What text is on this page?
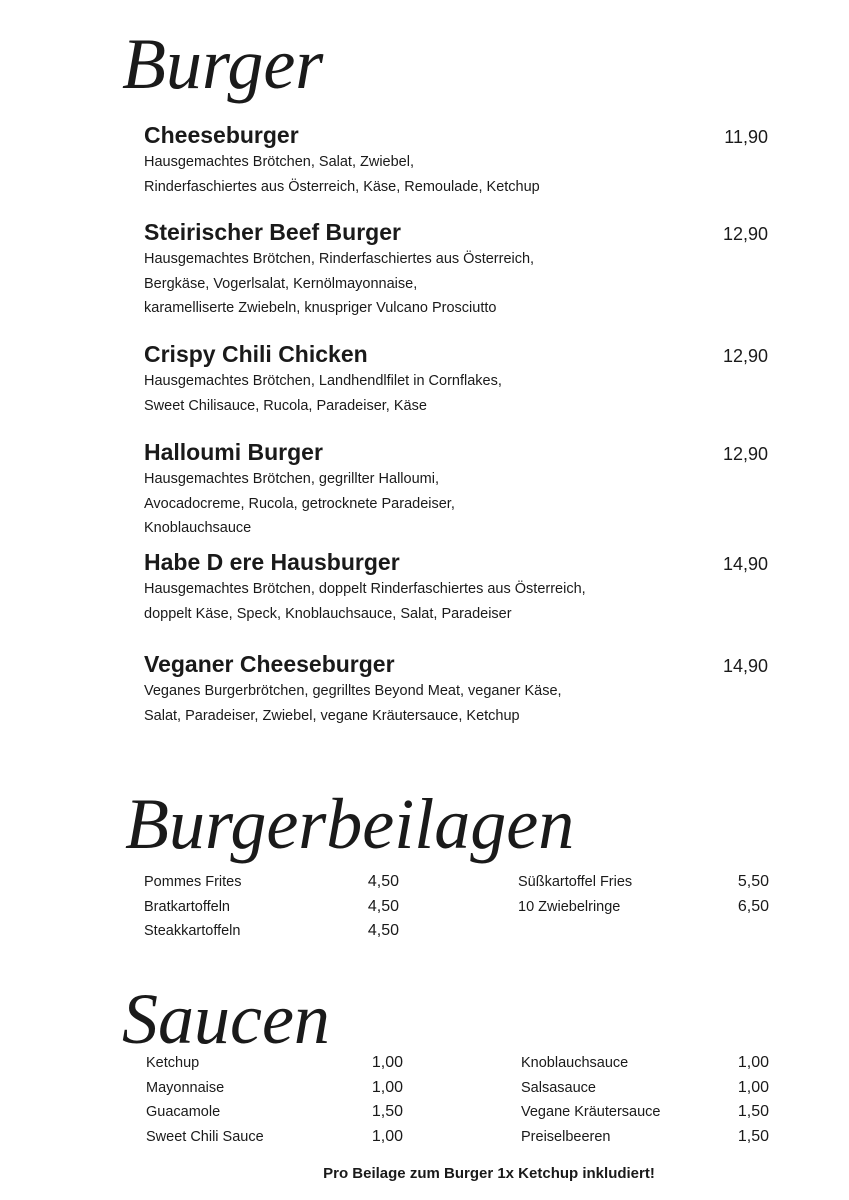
Burger
Cheeseburger	11,90
Hausgemachtes Brötchen, Salat, Zwiebel,
Rinderfaschiertes aus Österreich, Käse, Remoulade, Ketchup
Steirischer Beef Burger	12,90
Hausgemachtes Brötchen, Rinderfaschiertes aus Österreich,
Bergkäse, Vogerlsalat, Kernölmayonnaise,
karamelliserte Zwiebeln, knuspriger Vulcano Prosciutto
Crispy Chili Chicken	12,90
Hausgemachtes Brötchen, Landhendlfilet in Cornflakes,
Sweet Chilisauce, Rucola, Paradeiser, Käse
Halloumi Burger	12,90
Hausgemachtes Brötchen, gegrillter Halloumi,
Avocadocreme, Rucola, getrocknete Paradeiser,
Knoblauchsauce
Habe D ere Hausburger	14,90
Hausgemachtes Brötchen, doppelt Rinderfaschiertes aus Österreich,
doppelt Käse, Speck, Knoblauchsauce, Salat, Paradeiser
Veganer Cheeseburger	14,90
Veganes Burgerbrötchen, gegrilltes Beyond Meat, veganer Käse,
Salat, Paradeiser, Zwiebel, vegane Kräutersauce, Ketchup
Burgerbeilagen
Pommes Frites	4,50
Bratkartoffeln	4,50
Steakkartoffeln	4,50
Süßkartoffel Fries	5,50
10 Zwiebelringe	6,50
Saucen
Ketchup	1,00
Mayonnaise	1,00
Guacamole	1,50
Sweet Chili Sauce	1,00
Knoblauchsauce	1,00
Salsasauce	1,00
Vegane Kräutersauce	1,50
Preiselbeeren	1,50
Pro Beilage zum Burger 1x Ketchup inkludiert!
